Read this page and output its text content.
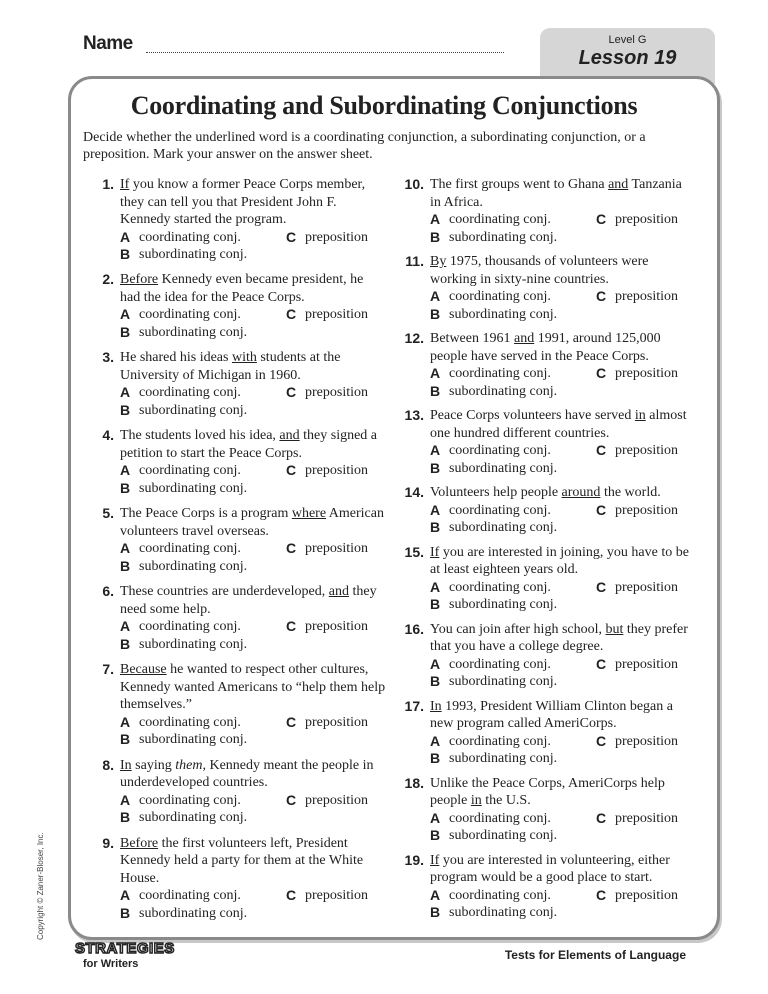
Name	Level G
Lesson 19
Coordinating and Subordinating Conjunctions
Decide whether the underlined word is a coordinating conjunction, a subordinating conjunction, or a preposition. Mark your answer on the answer sheet.
1. If you know a former Peace Corps member, they can tell you that President John F. Kennedy started the program.
A coordinating conj.	C preposition
B subordinating conj.
2. Before Kennedy even became president, he had the idea for the Peace Corps.
A coordinating conj.	C preposition
B subordinating conj.
3. He shared his ideas with students at the University of Michigan in 1960.
A coordinating conj.	C preposition
B subordinating conj.
4. The students loved his idea, and they signed a petition to start the Peace Corps.
A coordinating conj.	C preposition
B subordinating conj.
5. The Peace Corps is a program where American volunteers travel overseas.
A coordinating conj.	C preposition
B subordinating conj.
6. These countries are underdeveloped, and they need some help.
A coordinating conj.	C preposition
B subordinating conj.
7. Because he wanted to respect other cultures, Kennedy wanted Americans to “help them help themselves.”
A coordinating conj.	C preposition
B subordinating conj.
8. In saying them, Kennedy meant the people in underdeveloped countries.
A coordinating conj.	C preposition
B subordinating conj.
9. Before the first volunteers left, President Kennedy held a party for them at the White House.
A coordinating conj.	C preposition
B subordinating conj.
10. The first groups went to Ghana and Tanzania in Africa.
A coordinating conj.	C preposition
B subordinating conj.
11. By 1975, thousands of volunteers were working in sixty-nine countries.
A coordinating conj.	C preposition
B subordinating conj.
12. Between 1961 and 1991, around 125,000 people have served in the Peace Corps.
A coordinating conj.	C preposition
B subordinating conj.
13. Peace Corps volunteers have served in almost one hundred different countries.
A coordinating conj.	C preposition
B subordinating conj.
14. Volunteers help people around the world.
A coordinating conj.	C preposition
B subordinating conj.
15. If you are interested in joining, you have to be at least eighteen years old.
A coordinating conj.	C preposition
B subordinating conj.
16. You can join after high school, but they prefer that you have a college degree.
A coordinating conj.	C preposition
B subordinating conj.
17. In 1993, President William Clinton began a new program called AmeriCorps.
A coordinating conj.	C preposition
B subordinating conj.
18. Unlike the Peace Corps, AmeriCorps help people in the U.S.
A coordinating conj.	C preposition
B subordinating conj.
19. If you are interested in volunteering, either program would be a good place to start.
A coordinating conj.	C preposition
B subordinating conj.
Copyright © Zaner-Bloser, Inc.
STRATEGIES
for Writers
Tests for Elements of Language
